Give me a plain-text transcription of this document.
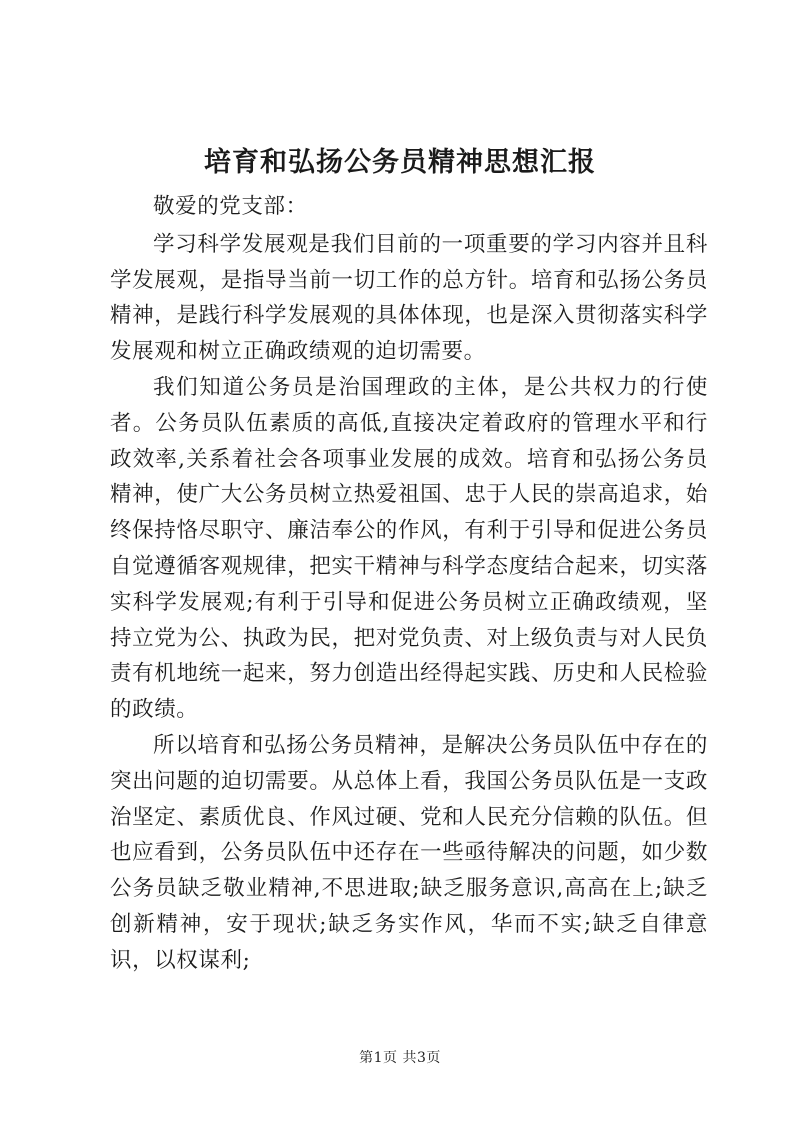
培育和弘扬公务员精神思想汇报

敬爱的党支部：

学习科学发展观是我们目前的一项重要的学习内容并且科学发展观，是指导当前一切工作的总方针。培育和弘扬公务员精神，是践行科学发展观的具体体现，也是深入贯彻落实科学发展观和树立正确政绩观的迫切需要。

我们知道公务员是治国理政的主体，是公共权力的行使者。公务员队伍素质的高低,直接决定着政府的管理水平和行政效率,关系着社会各项事业发展的成效。培育和弘扬公务员精神，使广大公务员树立热爱祖国、忠于人民的崇高追求，始终保持恪尽职守、廉洁奉公的作风，有利于引导和促进公务员自觉遵循客观规律，把实干精神与科学态度结合起来，切实落实科学发展观;有利于引导和促进公务员树立正确政绩观，坚持立党为公、执政为民，把对党负责、对上级负责与对人民负责有机地统一起来，努力创造出经得起实践、历史和人民检验的政绩。

所以培育和弘扬公务员精神，是解决公务员队伍中存在的突出问题的迫切需要。从总体上看，我国公务员队伍是一支政治坚定、素质优良、作风过硬、党和人民充分信赖的队伍。但也应看到，公务员队伍中还存在一些亟待解决的问题，如少数公务员缺乏敬业精神,不思进取;缺乏服务意识,高高在上;缺乏创新精神，安于现状;缺乏务实作风，华而不实;缺乏自律意识，以权谋利;

第1页 共3页
